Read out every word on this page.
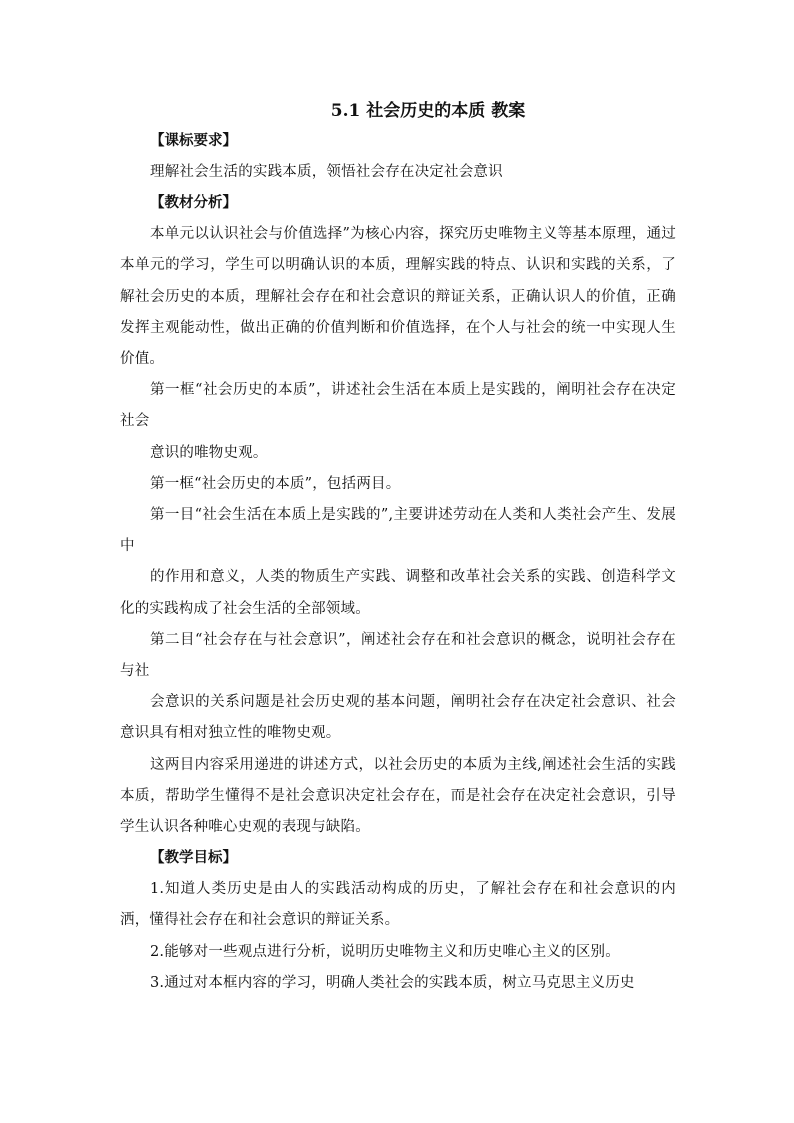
5.1 社会历史的本质 教案
【课标要求】
理解社会生活的实践本质，领悟社会存在决定社会意识
【教材分析】
本单元以认识社会与价值选择”为核心内容，探究历史唯物主义等基本原理，通过本单元的学习，学生可以明确认识的本质，理解实践的特点、认识和实践的关系，了解社会历史的本质，理解社会存在和社会意识的辩证关系，正确认识人的价值，正确发挥主观能动性，做出正确的价值判断和价值选择，在个人与社会的统一中实现人生价值。
第一框“社会历史的本质”，讲述社会生活在本质上是实践的，阐明社会存在决定社会
意识的唯物史观。
第一框“社会历史的本质”，包括两目。
第一目“社会生活在本质上是实践的”,主要讲述劳动在人类和人类社会产生、发展中
的作用和意义，人类的物质生产实践、调整和改革社会关系的实践、创造科学文化的实践构成了社会生活的全部领域。
第二目“社会存在与社会意识”，阐述社会存在和社会意识的概念，说明社会存在与社
会意识的关系问题是社会历史观的基本问题，阐明社会存在决定社会意识、社会意识具有相对独立性的唯物史观。
这两目内容采用递进的讲述方式，以社会历史的本质为主线,阐述社会生活的实践本质，帮助学生懂得不是社会意识决定社会存在，而是社会存在决定社会意识，引导学生认识各种唯心史观的表现与缺陷。
【教学目标】
1.知道人类历史是由人的实践活动构成的历史，了解社会存在和社会意识的内洒，懂得社会存在和社会意识的辩证关系。
2.能够对一些观点进行分析，说明历史唯物主义和历史唯心主义的区别。
3.通过对本框内容的学习，明确人类社会的实践本质，树立马克思主义历史
